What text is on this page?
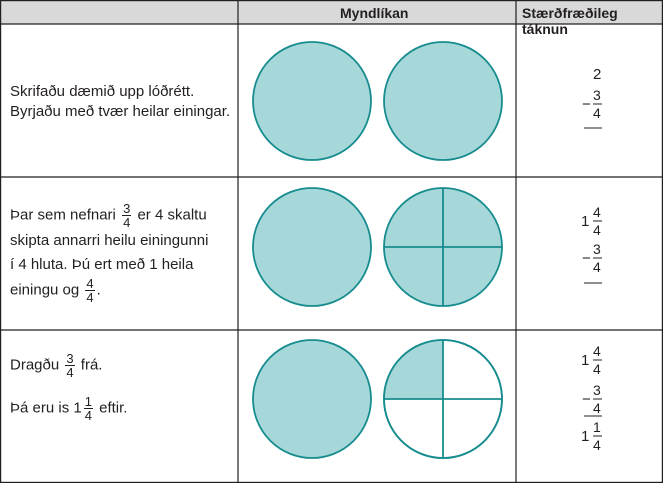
Myndlíkan	Stærðfræðileg táknun
Skrifaðu dæmið upp lóðrétt.
Byrjaðu með tvær heilar einingar.
Þar sem nefnari $\frac{3}{4}$ er 4 skaltu
skipta annarri heilu einingunni
í 4 hluta. Þú ert með 1 heila
einingu og $\frac{4}{4}$ .
Dragðu $\frac{3}{4}$ frá.
Þá eru is $1 \frac{1}{4}$ eftir.
2
−
3
4
1
4
4
−
3
4
1
4
4
−
3
4
1
1
4
